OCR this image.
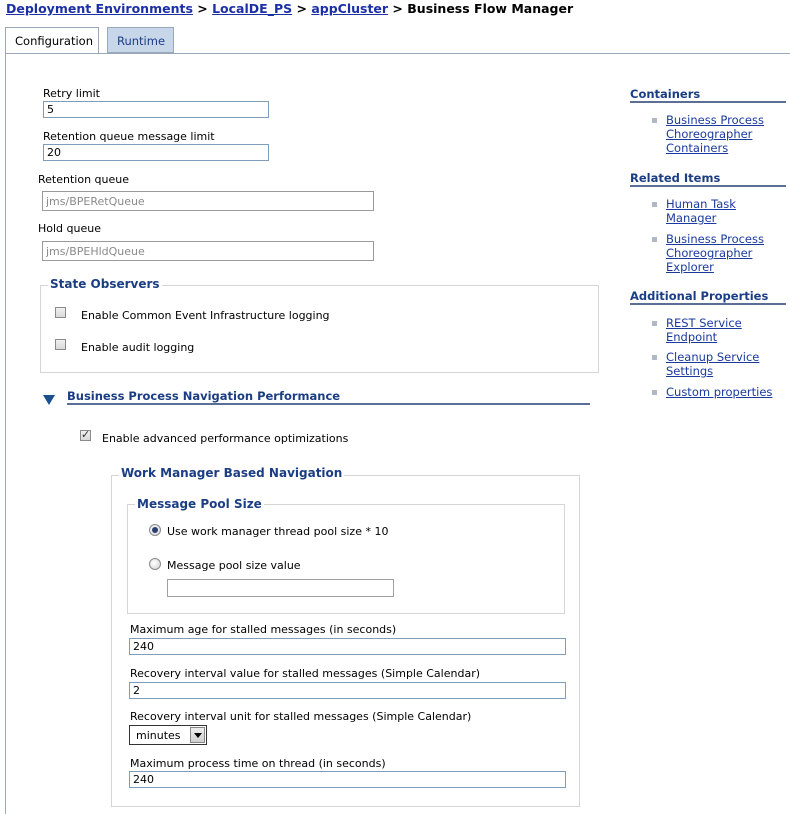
Deployment Environments > LocalDE_PS > appCluster > Business Flow Manager
Configuration	Runtime
Retry limit
5
Retention queue message limit
20
Retention queue
jms/BPERetQueue
Hold queue
jms/BPEHldQueue
State Observers
Enable Common Event Infrastructure logging
Enable audit logging
Business Process Navigation Performance
✓
Enable advanced performance optimizations
Work Manager Based Navigation
Message Pool Size
Use work manager thread pool size * 10
Message pool size value
Maximum age for stalled messages (in seconds)
240
Recovery interval value for stalled messages (Simple Calendar)
2
Recovery interval unit for stalled messages (Simple Calendar)
minutes
Maximum process time on thread (in seconds)
240
Containers
Business Process Choreographer Containers
Related Items
Human Task Manager
Business Process Choreographer Explorer
Additional Properties
REST Service Endpoint
Cleanup Service Settings
Custom properties
